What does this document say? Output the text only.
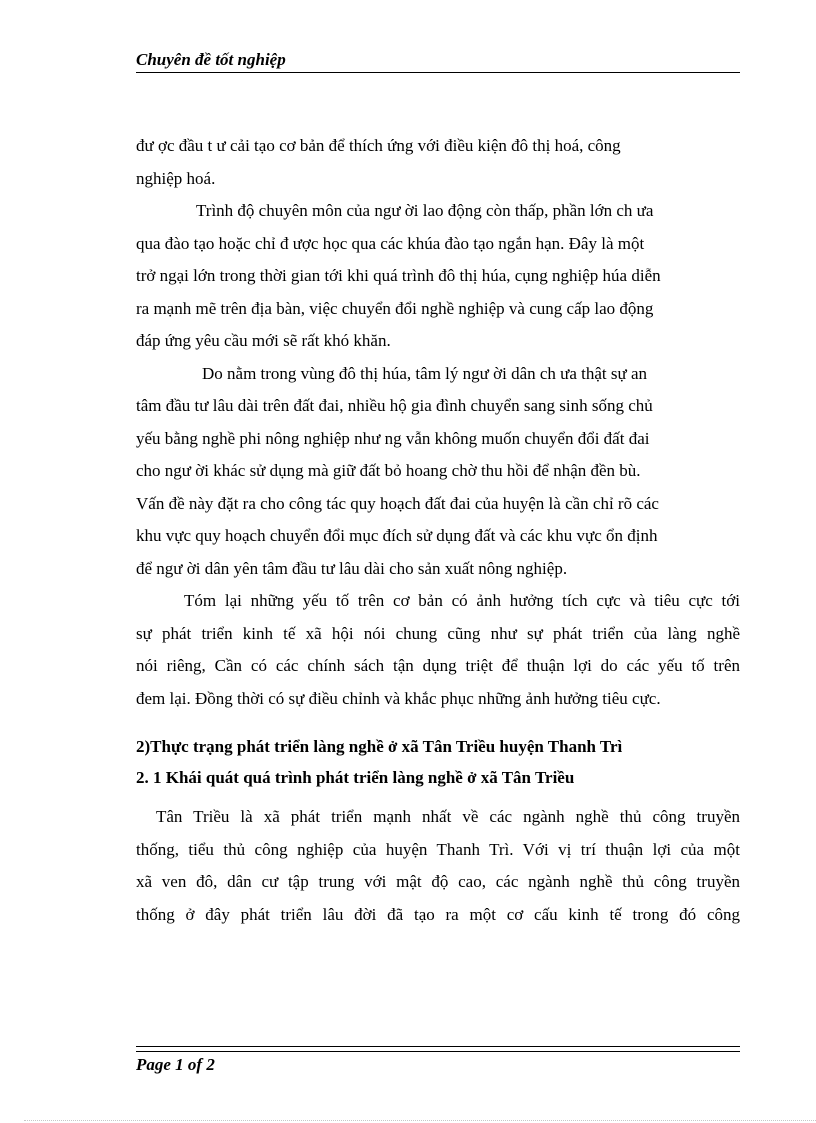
Chuyên đề tốt nghiệp

đư ợc đầu t ư cải tạo cơ bản để thích ứng với điều kiện đô thị hoá, công
nghiệp hoá.

Trình độ chuyên môn của ngư ời lao động còn thấp, phần lớn ch ưa
qua đào tạo hoặc chỉ đ ược học qua các khúa đào tạo ngắn hạn. Đây là một
trở ngại lớn trong thời gian tới khi quá trình đô thị húa, cụng nghiệp húa diễn
ra mạnh mẽ trên địa bàn, việc chuyển đổi nghề nghiệp và cung cấp lao động
đáp ứng yêu cầu mới sẽ rất khó khăn.

Do nằm trong vùng đô thị húa, tâm lý ngư ời dân ch ưa thật sự an
tâm đầu tư lâu dài trên đất đai, nhiều hộ gia đình chuyển sang sinh sống chủ
yếu bằng nghề phi nông nghiệp như ng vẫn không muốn chuyển đổi đất đai
cho ngư ời khác sử dụng mà giữ đất bỏ hoang chờ thu hồi để nhận đền bù.
Vấn đề này đặt ra cho công tác quy hoạch đất đai của huyện là cần chỉ rõ các
khu vực quy hoạch chuyển đổi mục đích sử dụng đất và các khu vực ổn định
để ngư ời dân yên tâm đầu tư lâu dài cho sản xuất nông nghiệp.

Tóm lại những yếu tố trên cơ bản có ảnh hưởng tích cực và tiêu cực tới
sự phát triển kinh tế xã hội nói chung cũng như sự phát triển của làng nghề
nói riêng, Cần có các chính sách tận dụng triệt để thuận lợi do các yếu tố trên
đem lại. Đồng thời có sự điều chỉnh và khắc phục những ảnh hưởng tiêu cực.

2)Thực trạng phát triển làng nghề ở xã Tân Triều huyện Thanh Trì

2. 1 Khái quát quá trình phát triển làng nghề ở xã Tân Triều

Tân Triều là xã phát triển mạnh nhất về các ngành nghề thủ công truyền
thống, tiểu thủ công nghiệp của huyện Thanh Trì. Với vị trí thuận lợi của một
xã ven đô, dân cư tập trung với mật độ cao, các ngành nghề thủ công truyền
thống ở đây phát triển lâu đời đã tạo ra một cơ cấu kinh tế trong đó công

Page 1 of 2
